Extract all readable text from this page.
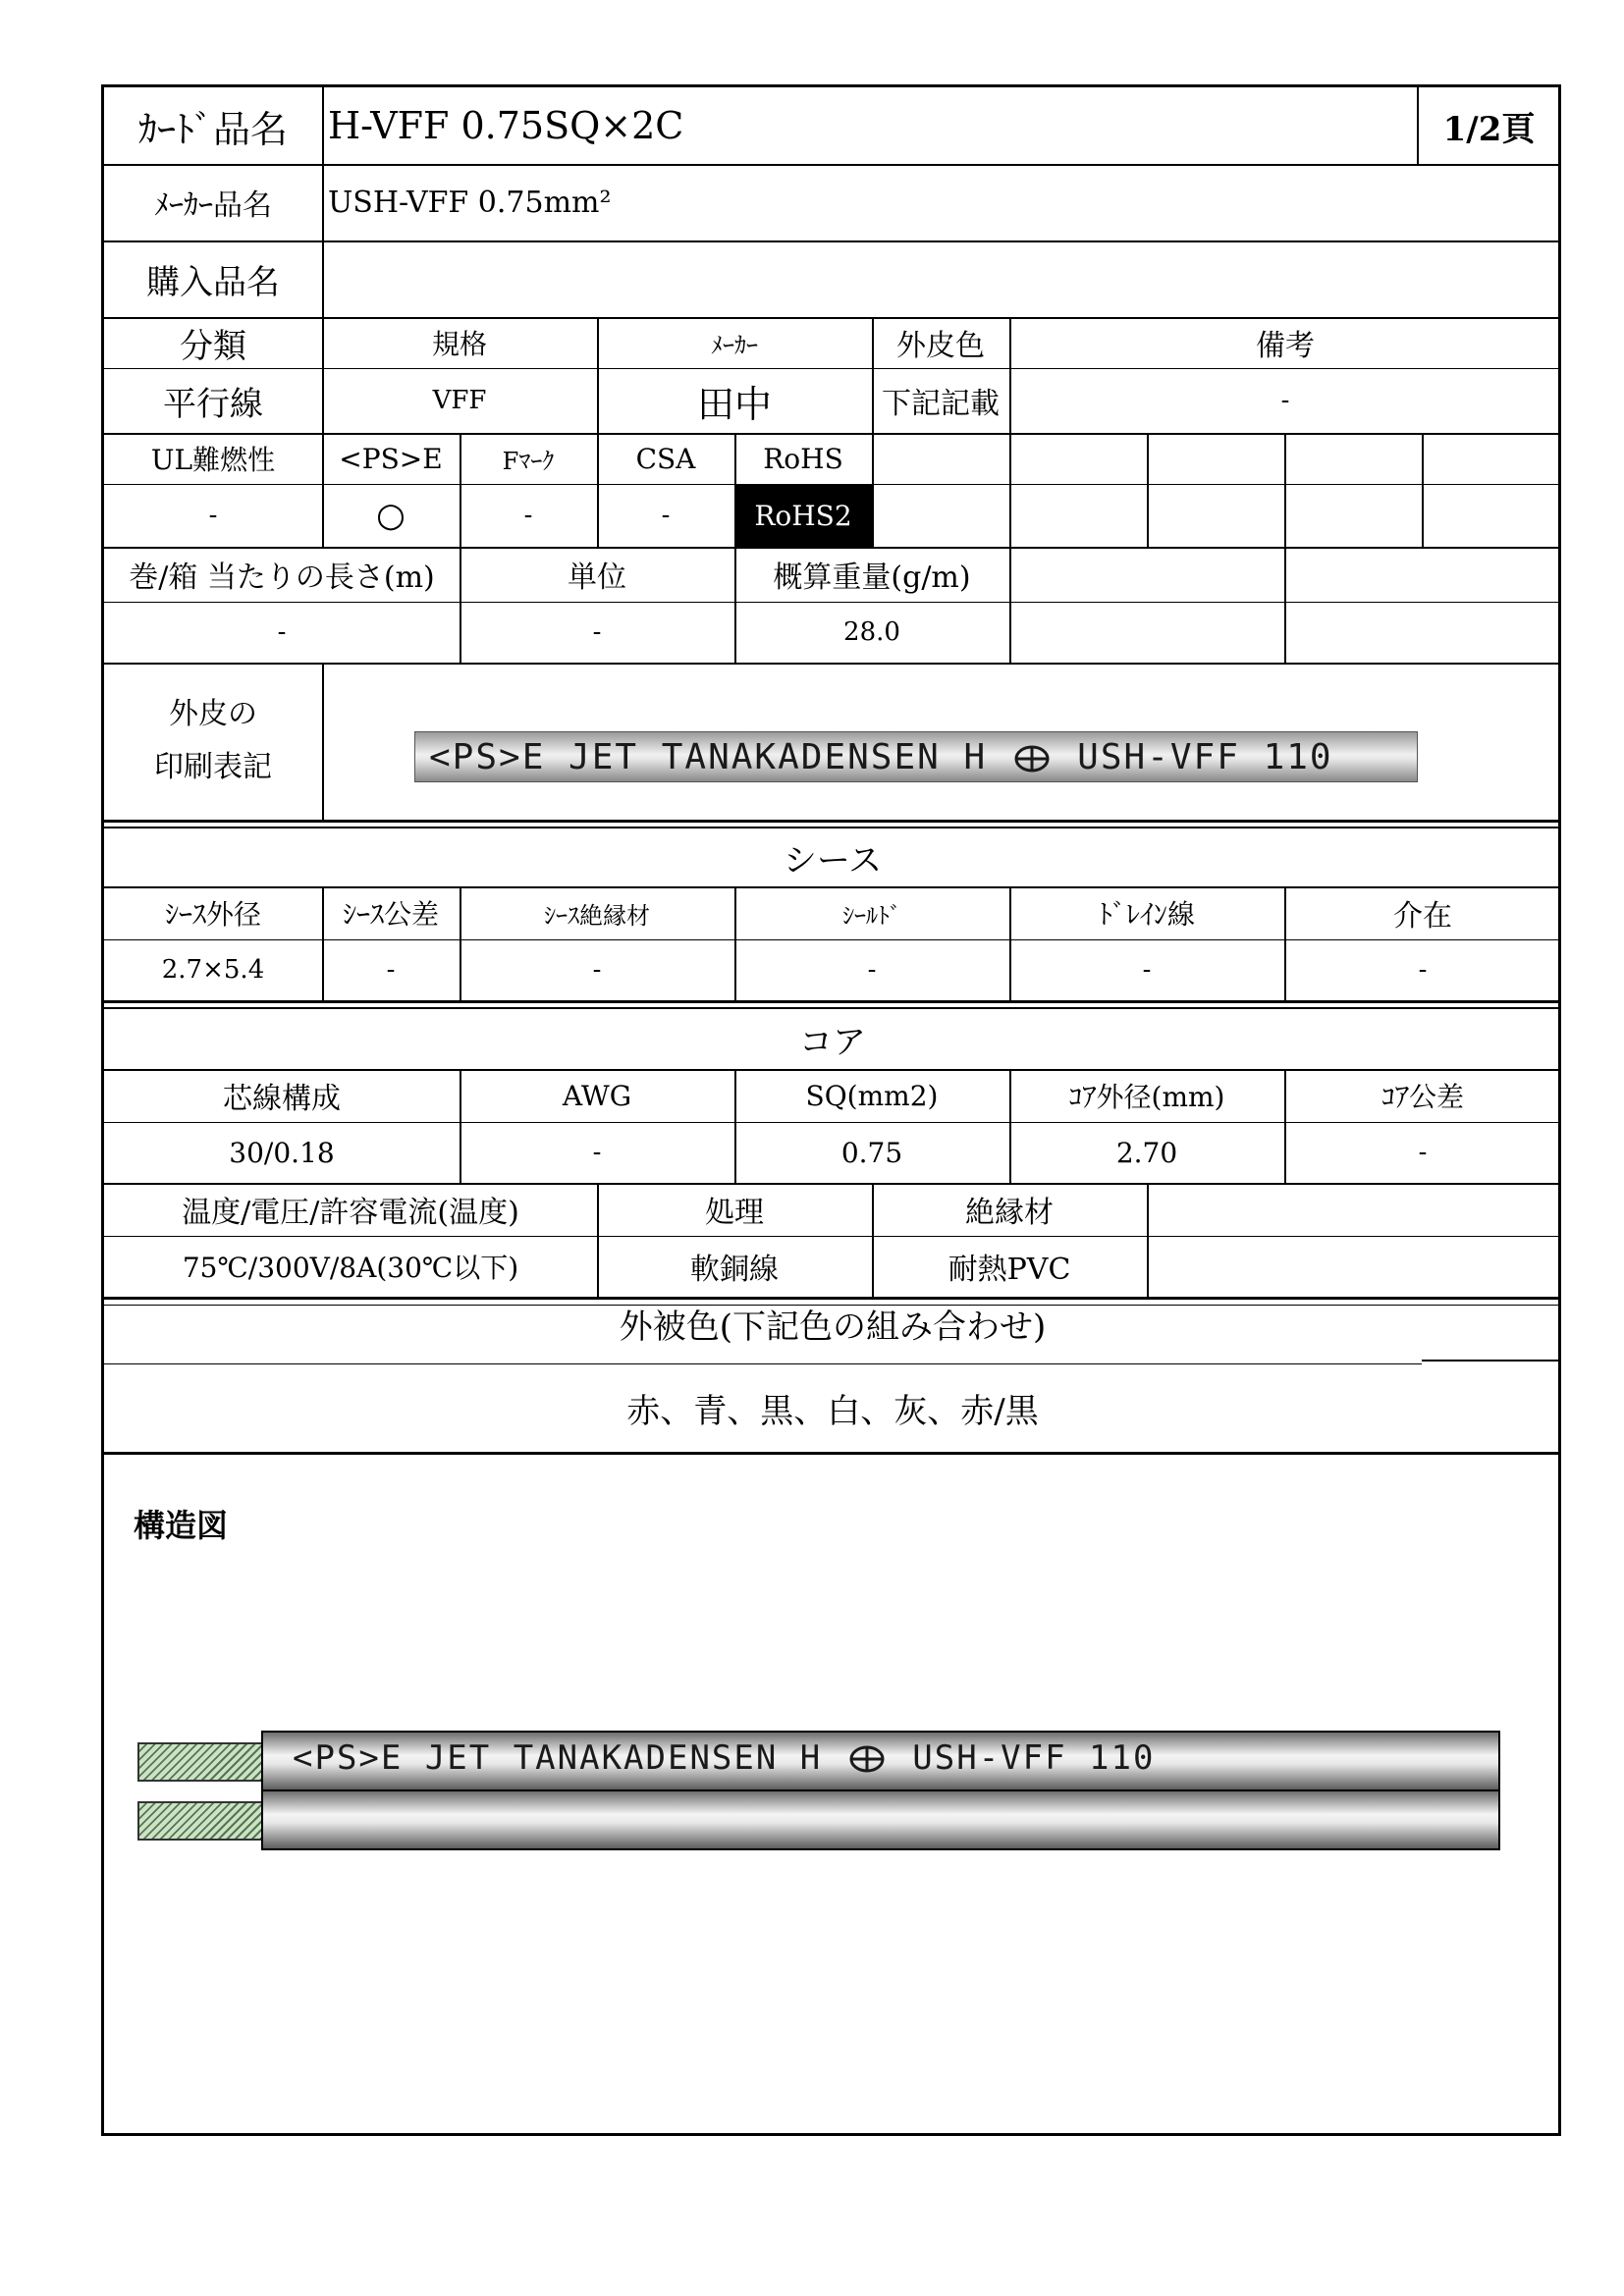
ｶｰﾄﾞ品名	H-VFF 0.75SQ×2C	1/2頁
ﾒｰｶｰ品名	USH-VFF 0.75mm²
購入品名
分類	規格	ﾒｰｶｰ	外皮色	備考
平行線	VFF	田中	下記記載	-
UL難燃性	<PS>E	Fﾏｰｸ	CSA	RoHS
-	○	-	-	RoHS2
巻/箱 当たりの長さ(m)	単位	概算重量(g/m)
-	-	28.0
外皮の
印刷表記
シース
ｼｰｽ外径	ｼｰｽ公差	ｼｰｽ絶縁材	ｼｰﾙﾄﾞ	ﾄﾞﾚｲﾝ線	介在
2.7×5.4	-	-	-	-	-
コア
芯線構成	AWG	SQ(mm2)	ｺｱ外径(mm)	ｺｱ公差
30/0.18	-	0.75	2.70	-
温度/電圧/許容電流(温度)	処理	絶縁材
75℃/300V/8A(30℃以下)	軟銅線	耐熱PVC
外被色(下記色の組み合わせ)
赤、青、黒、白、灰、赤/黒
構造図
<PS>E JET TANAKADENSEN H	USH-VFF 110
<PS>E JET TANAKADENSEN H	USH-VFF 110
